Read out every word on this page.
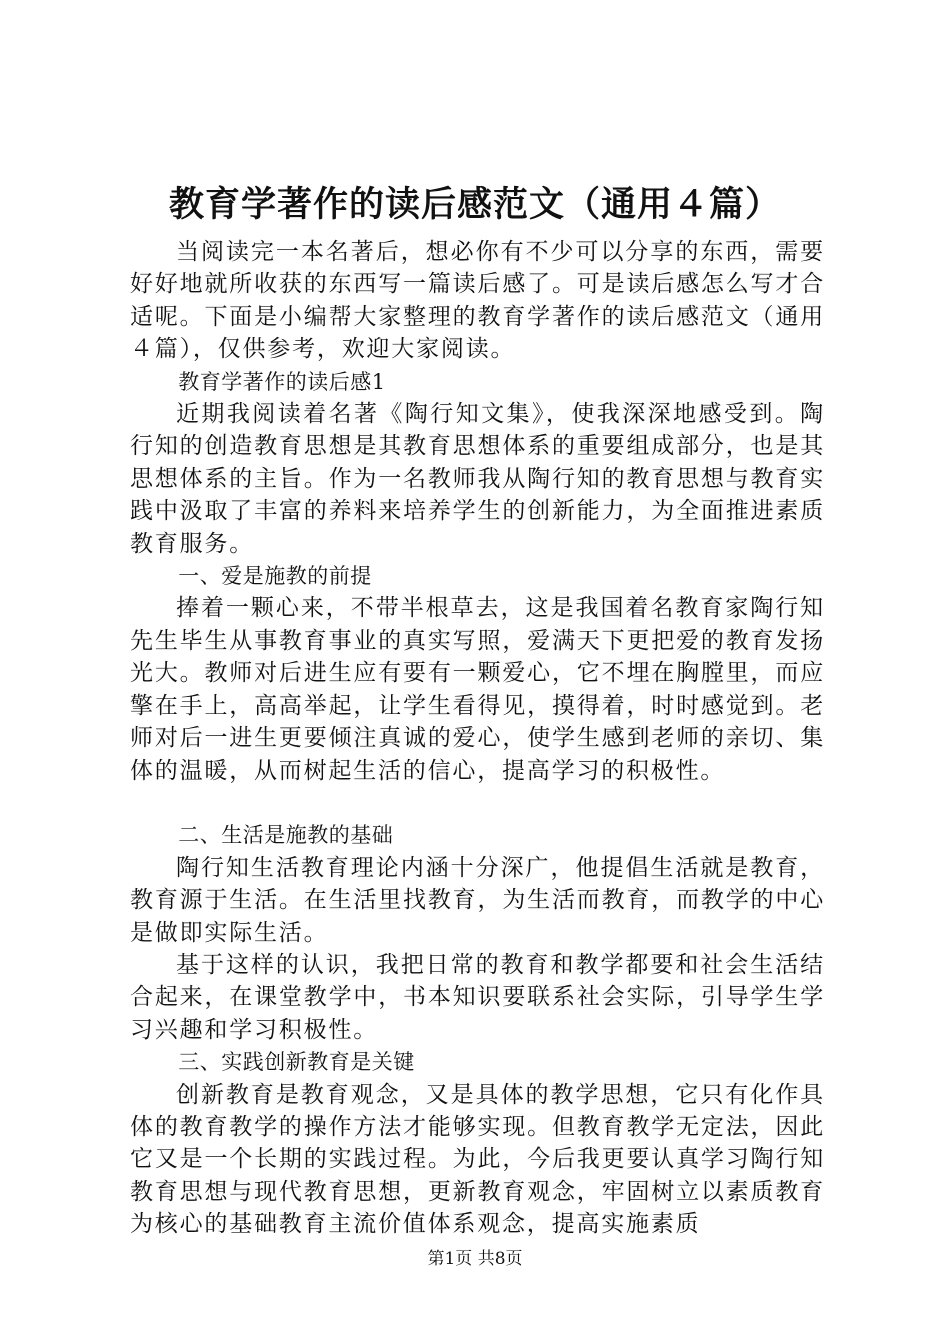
教育学著作的读后感范文（通用４篇）

当阅读完一本名著后，想必你有不少可以分享的东西，需要好好地就所收获的东西写一篇读后感了。可是读后感怎么写才合适呢。下面是小编帮大家整理的教育学著作的读后感范文（通用４篇），仅供参考，欢迎大家阅读。

教育学著作的读后感1

近期我阅读着名著《陶行知文集》，使我深深地感受到。陶行知的创造教育思想是其教育思想体系的重要组成部分，也是其思想体系的主旨。作为一名教师我从陶行知的教育思想与教育实践中汲取了丰富的养料来培养学生的创新能力，为全面推进素质教育服务。

一、爱是施教的前提

捧着一颗心来，不带半根草去，这是我国着名教育家陶行知先生毕生从事教育事业的真实写照，爱满天下更把爱的教育发扬光大。教师对后进生应有要有一颗爱心，它不埋在胸膛里，而应擎在手上，高高举起，让学生看得见，摸得着，时时感觉到。老师对后一进生更要倾注真诚的爱心，使学生感到老师的亲切、集体的温暖，从而树起生活的信心，提高学习的积极性。

二、生活是施教的基础

陶行知生活教育理论内涵十分深广，他提倡生活就是教育，教育源于生活。在生活里找教育，为生活而教育，而教学的中心是做即实际生活。

基于这样的认识，我把日常的教育和教学都要和社会生活结合起来，在课堂教学中，书本知识要联系社会实际，引导学生学习兴趣和学习积极性。

三、实践创新教育是关键

创新教育是教育观念，又是具体的教学思想，它只有化作具体的教育教学的操作方法才能够实现。但教育教学无定法，因此它又是一个长期的实践过程。为此，今后我更要认真学习陶行知教育思想与现代教育思想，更新教育观念，牢固树立以素质教育为核心的基础教育主流价值体系观念，提高实施素质

第1页 共8页
